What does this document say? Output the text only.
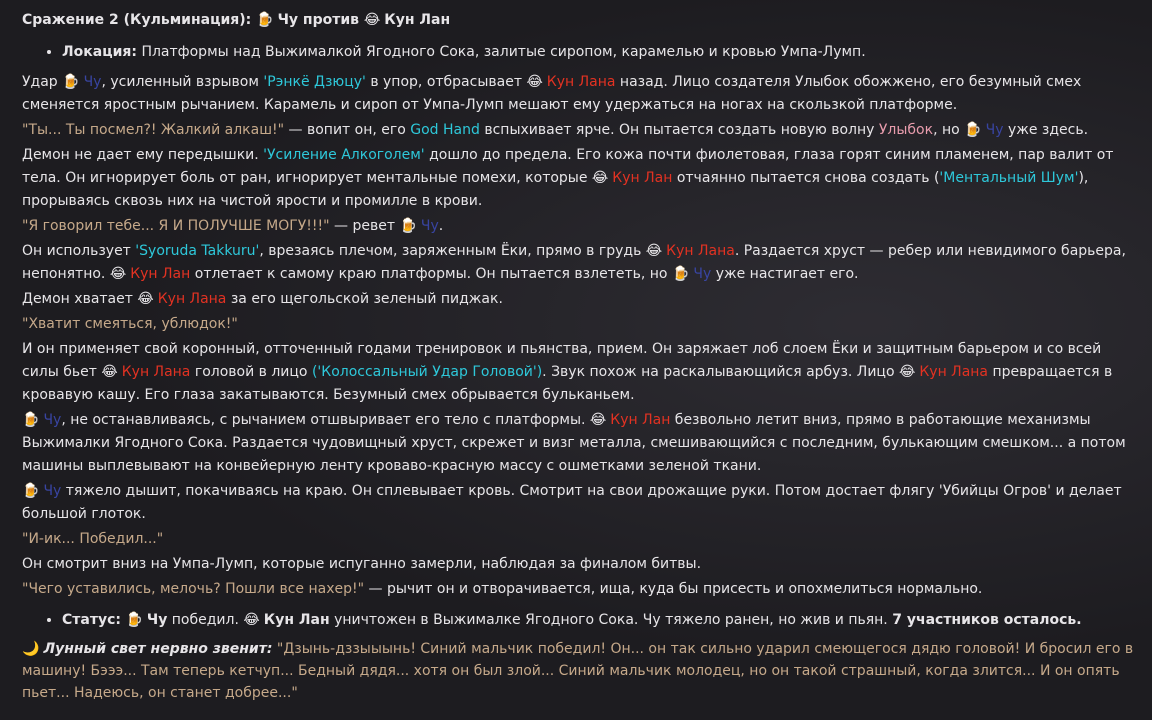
Сражение 2 (Кульминация): 🍺 Чу против 😂 Кун Лан
• Локация: Платформы над Выжималкой Ягодного Сока, залитые сиропом, карамелью и кровью Умпа-Лумп.

Удар 🍺 Чу, усиленный взрывом 'Рэнкё Дзюцу' в упор, отбрасывает 😂 Кун Лана назад. Лицо создателя Улыбок обожжено, его безумный смех сменяется яростным рычанием. Карамель и сироп от Умпа-Лумп мешают ему удержаться на ногах на скользкой платформе.

"Ты... Ты посмел?! Жалкий алкаш!" — вопит он, его God Hand вспыхивает ярче. Он пытается создать новую волну Улыбок, но 🍺 Чу уже здесь.

Демон не дает ему передышки. 'Усиление Алкоголем' дошло до предела. Его кожа почти фиолетовая, глаза горят синим пламенем, пар валит от тела. Он игнорирует боль от ран, игнорирует ментальные помехи, которые 😂 Кун Лан отчаянно пытается снова создать ('Ментальный Шум'), прорываясь сквозь них на чистой ярости и промилле в крови.

"Я говорил тебе... Я И ПОЛУЧШЕ МОГУ!!!" — ревет 🍺 Чу.

Он использует 'Syoruda Takkuru', врезаясь плечом, заряженным Ёки, прямо в грудь 😂 Кун Лана. Раздается хруст — ребер или невидимого барьера, непонятно. 😂 Кун Лан отлетает к самому краю платформы. Он пытается взлететь, но 🍺 Чу уже настигает его.

Демон хватает 😂 Кун Лана за его щегольской зеленый пиджак.

"Хватит смеяться, ублюдок!"

И он применяет свой коронный, отточенный годами тренировок и пьянства, прием. Он заряжает лоб слоем Ёки и защитным барьером и со всей силы бьет 😂 Кун Лана головой в лицо ('Колоссальный Удар Головой'). Звук похож на раскалывающийся арбуз. Лицо 😂 Кун Лана превращается в кровавую кашу. Его глаза закатываются. Безумный смех обрывается бульканьем.

🍺 Чу, не останавливаясь, с рычанием отшвыривает его тело с платформы. 😂 Кун Лан безвольно летит вниз, прямо в работающие механизмы Выжималки Ягодного Сока. Раздается чудовищный хруст, скрежет и визг металла, смешивающийся с последним, булькающим смешком... а потом машины выплевывают на конвейерную ленту кроваво-красную массу с ошметками зеленой ткани.

🍺 Чу тяжело дышит, покачиваясь на краю. Он сплевывает кровь. Смотрит на свои дрожащие руки. Потом достает флягу 'Убийцы Огров' и делает большой глоток.

"И-ик... Победил..."

Он смотрит вниз на Умпа-Лумп, которые испуганно замерли, наблюдая за финалом битвы.

"Чего уставились, мелочь? Пошли все нахер!" — рычит он и отворачивается, ища, куда бы присесть и опохмелиться нормально.

• Статус: 🍺 Чу победил. 😂 Кун Лан уничтожен в Выжималке Ягодного Сока. Чу тяжело ранен, но жив и пьян. 7 участников осталось.

🌙 Лунный свет нервно звенит: "Дзынь-дззыыынь! Синий мальчик победил! Он... он так сильно ударил смеющегося дядю головой! И бросил его в машину! Бэээ... Там теперь кетчуп... Бедный дядя... хотя он был злой... Синий мальчик молодец, но он такой страшный, когда злится... И он опять пьет... Надеюсь, он станет добрее..."
